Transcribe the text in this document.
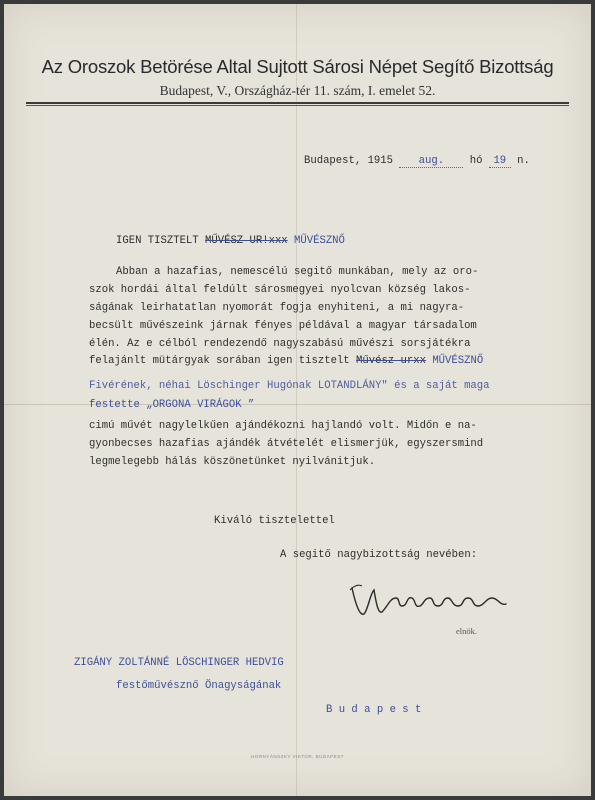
Az Oroszok Betörése Altal Sujtott Sárosi Népet Segítő Bizottság
Budapest, V., Országház-tér 11. szám, I. emelet 52.
Budapest, 1915 aug. hó 19 n.
IGEN TISZTELT MŰVÉSZ UR!xxx MŰVÉSZNŐ
Abban a hazafias, nemescélú segitő munkában, mely az oro-
szok hordái által feldúlt sárosmegyei nyolcvan község lakos-
ságának leirhatatlan nyomorát fogja enyhiteni, a mi nagyra-
becsült művészeink járnak fényes példával a magyar társadalom
élén. Az e célból rendezendő nagyszabású művészi sorsjátékra
felajánlt mütárgyak sorában igen tisztelt Művész urxx MŰVÉSZNŐ
Fivérének, néhai Löschinger Hugónak LOTANDLÁNY" és a saját maga
festette „ORGONA VIRÁGOK ”
cimú művét nagylelkűen ajándékozni hajlandó volt. Midőn e na-
gyonbecses hazafias ajándék átvételét elismerjük, egyszersmind
legmelegebb hálás köszönetünket nyilvánitjuk.
Kiváló tisztelettel
A segitő nagybizottság nevében:
elnök.
ZIGÁNY ZOLTÁNNÉ LÖSCHINGER HEDVIG
festőművésznő Önagyságának
B u d a p e s t
HORNYÁNSZKY VIKTOR, BUDAPEST
